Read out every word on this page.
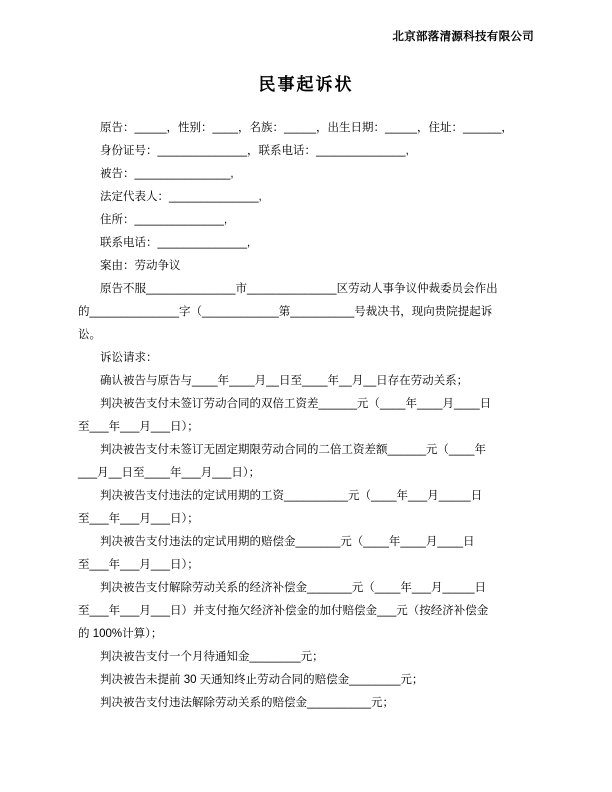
北京部落清源科技有限公司
民事起诉状

原告：_____，性别：____，名族：_____，出生日期：_____，住址：______，

身份证号：______________，联系电话：______________,

被告：_______________,

法定代表人：______________,

住所：______________,

联系电话：______________,

案由：劳动争议

原告不服______________市______________区劳动人事争议仲裁委员会作出

的______________字（____________第__________号裁决书，现向贵院提起诉

讼。

诉讼请求：

确认被告与原告与____年____月__日至____年__月__日存在劳动关系；

判决被告支付未签订劳动合同的双倍工资差______元（____年____月____日

至___年___月___日）；

判决被告支付未签订无固定期限劳动合同的二倍工资差额______元（____年

___月__日至____年___月___日）；

判决被告支付违法的定试用期的工资__________元（____年___月_____日

至___年___月___日）；

判决被告支付违法的定试用期的赔偿金_______元（____年____月____日

至___年___月___日）；

判决被告支付解除劳动关系的经济补偿金_______元（____年___月_____日

至___年___月___日）并支付拖欠经济补偿金的加付赔偿金___元（按经济补偿金

的 100%计算）；

判决被告支付一个月待通知金________元；

判决被告未提前 30 天通知终止劳动合同的赔偿金________元；

判决被告支付违法解除劳动关系的赔偿金__________元；
